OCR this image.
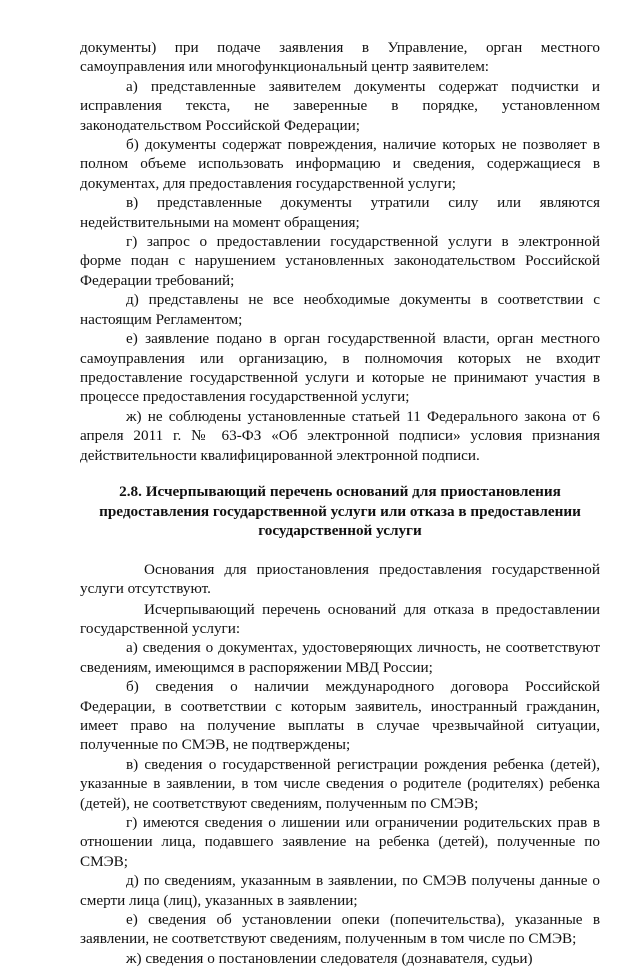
документы) при подаче заявления в Управление, орган местного самоуправления или многофункциональный центр заявителем:

а) представленные заявителем документы содержат подчистки и исправления текста, не заверенные в порядке, установленном законодательством Российской Федерации;

б) документы содержат повреждения, наличие которых не позволяет в полном объеме использовать информацию и сведения, содержащиеся в документах, для предоставления государственной услуги;

в) представленные документы утратили силу или являются недействительными на момент обращения;

г) запрос о предоставлении государственной услуги в электронной форме подан с нарушением установленных законодательством Российской Федерации требований;

д) представлены не все необходимые документы в соответствии с настоящим Регламентом;

е) заявление подано в орган государственной власти, орган местного самоуправления или организацию, в полномочия которых не входит предоставление государственной услуги и которые не принимают участия в процессе предоставления государственной услуги;

ж) не соблюдены установленные статьей 11 Федерального закона от 6 апреля 2011 г. № 63-ФЗ «Об электронной подписи» условия признания действительности квалифицированной электронной подписи.

2.8. Исчерпывающий перечень оснований для приостановления
предоставления государственной услуги или отказа в предоставлении
государственной услуги

Основания для приостановления предоставления государственной услуги отсутствуют.

Исчерпывающий перечень оснований для отказа в предоставлении государственной услуги:

а) сведения о документах, удостоверяющих личность, не соответствуют сведениям, имеющимся в распоряжении МВД России;

б) сведения о наличии международного договора Российской Федерации, в соответствии с которым заявитель, иностранный гражданин, имеет право на получение выплаты в случае чрезвычайной ситуации, полученные по СМЭВ, не подтверждены;

в) сведения о государственной регистрации рождения ребенка (детей), указанные в заявлении, в том числе сведения о родителе (родителях) ребенка (детей), не соответствуют сведениям, полученным по СМЭВ;

г) имеются сведения о лишении или ограничении родительских прав в отношении лица, подавшего заявление на ребенка (детей), полученные по СМЭВ;

д) по сведениям, указанным в заявлении, по СМЭВ получены данные о смерти лица (лиц), указанных в заявлении;

е) сведения об установлении опеки (попечительства), указанные в заявлении, не соответствуют сведениям, полученным в том числе по СМЭВ;

ж) сведения о постановлении следователя (дознавателя, судьи)
